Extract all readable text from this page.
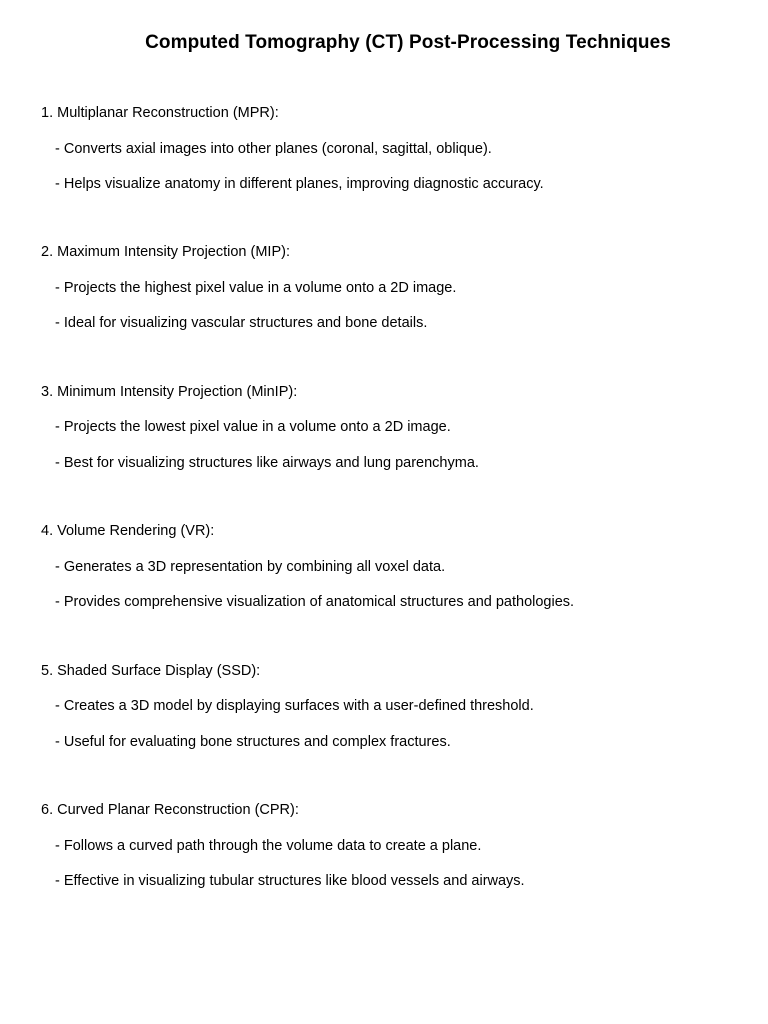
Computed Tomography (CT) Post-Processing Techniques
1. Multiplanar Reconstruction (MPR):
- Converts axial images into other planes (coronal, sagittal, oblique).
- Helps visualize anatomy in different planes, improving diagnostic accuracy.
2. Maximum Intensity Projection (MIP):
- Projects the highest pixel value in a volume onto a 2D image.
- Ideal for visualizing vascular structures and bone details.
3. Minimum Intensity Projection (MinIP):
- Projects the lowest pixel value in a volume onto a 2D image.
- Best for visualizing structures like airways and lung parenchyma.
4. Volume Rendering (VR):
- Generates a 3D representation by combining all voxel data.
- Provides comprehensive visualization of anatomical structures and pathologies.
5. Shaded Surface Display (SSD):
- Creates a 3D model by displaying surfaces with a user-defined threshold.
- Useful for evaluating bone structures and complex fractures.
6. Curved Planar Reconstruction (CPR):
- Follows a curved path through the volume data to create a plane.
- Effective in visualizing tubular structures like blood vessels and airways.
